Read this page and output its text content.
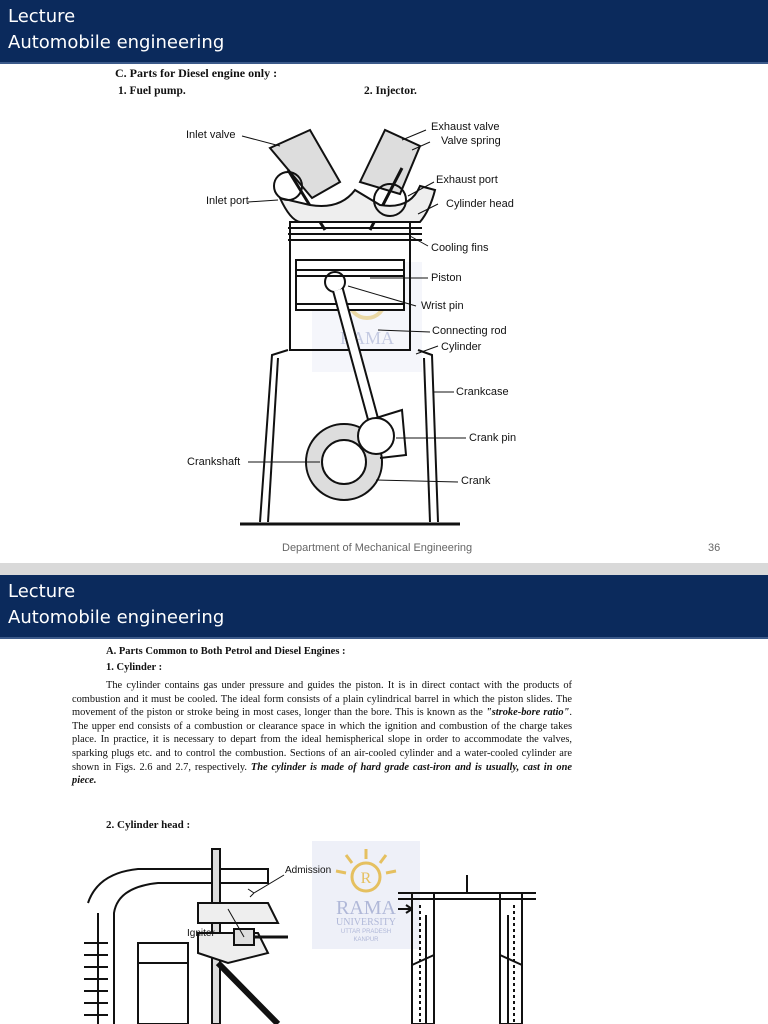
Lecture
Automobile engineering
C. Parts for Diesel engine only :
1. Fuel pump.	2. Injector.
RAMA
Inlet valve
Inlet port
Exhaust valve
Valve spring
Exhaust port
Cylinder head
Cooling fins
Piston
Wrist pin
Connecting rod
Cylinder
Crankcase
Crank pin
Crankshaft
Crank
Department of Mechanical Engineering	36
Lecture
Automobile engineering
A. Parts Common to Both Petrol and Diesel Engines :
1. Cylinder :
The cylinder contains gas under pressure and guides the piston. It is in direct contact with the products of combustion and it must be cooled. The ideal form consists of a plain cylindrical barrel in which the piston slides. The movement of the piston or stroke being in most cases, longer than the bore. This is known as the "stroke-bore ratio". The upper end consists of a combustion or clearance space in which the ignition and combustion of the charge takes place. In practice, it is necessary to depart from the ideal hemispherical slope in order to accommodate the valves, sparking plugs etc. and to control the combustion. Sections of an air-cooled cylinder and a water-cooled cylinder are shown in Figs. 2.6 and 2.7, respectively. The cylinder is made of hard grade cast-iron and is usually, cast in one piece.
2. Cylinder head :
R
RAMA
UNIVERSITY
UTTAR PRADESH
KANPUR
Admission
Igniter
